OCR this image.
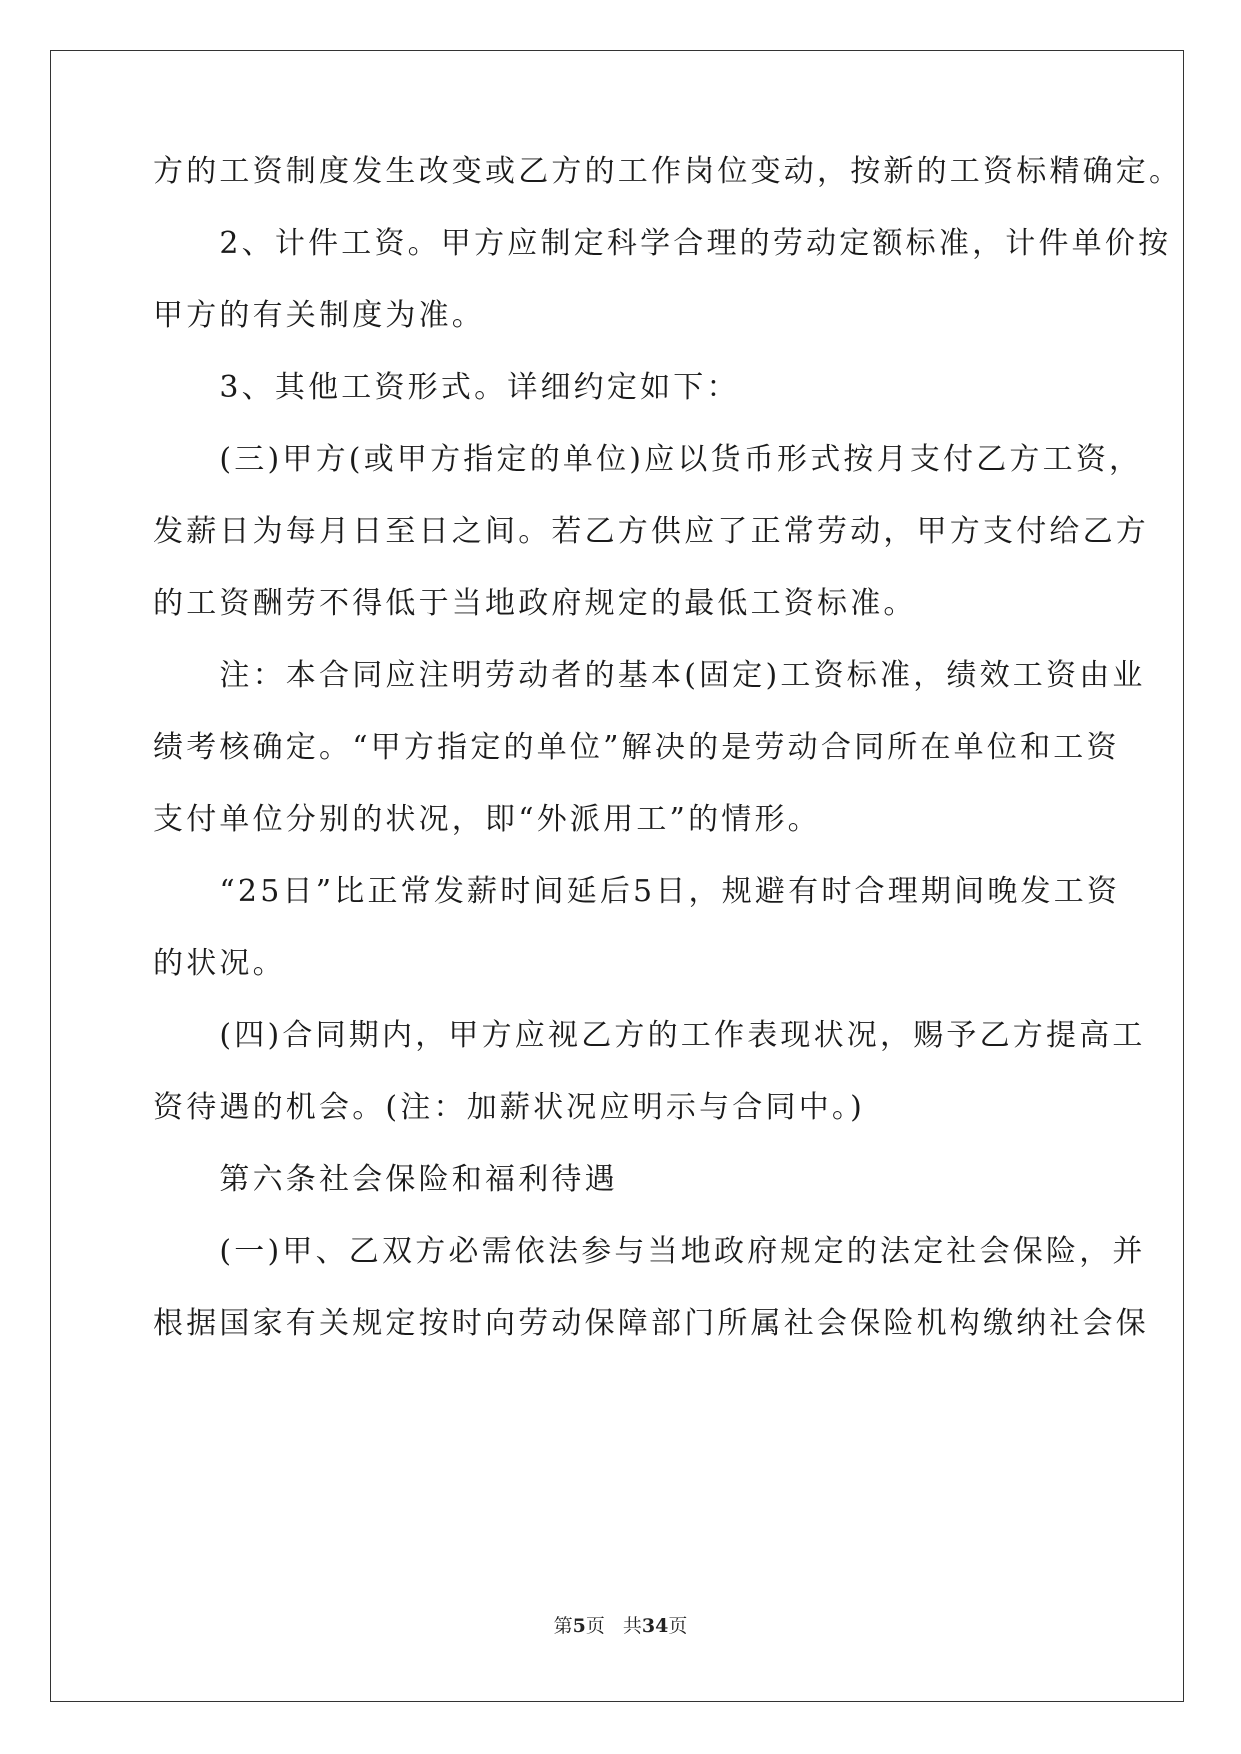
方的工资制度发生改变或乙方的工作岗位变动，按新的工资标精确定。
　　2、计件工资。甲方应制定科学合理的劳动定额标准，计件单价按
甲方的有关制度为准。
　　3、其他工资形式。详细约定如下：
　　(三)甲方(或甲方指定的单位)应以货币形式按月支付乙方工资，
发薪日为每月日至日之间。若乙方供应了正常劳动，甲方支付给乙方
的工资酬劳不得低于当地政府规定的最低工资标准。
　　注：本合同应注明劳动者的基本(固定)工资标准，绩效工资由业
绩考核确定。“甲方指定的单位”解决的是劳动合同所在单位和工资
支付单位分别的状况，即“外派用工”的情形。
　　“25日”比正常发薪时间延后5日，规避有时合理期间晚发工资
的状况。
　　(四)合同期内，甲方应视乙方的工作表现状况，赐予乙方提高工
资待遇的机会。(注：加薪状况应明示与合同中。)
　　第六条社会保险和福利待遇
　　(一)甲、乙双方必需依法参与当地政府规定的法定社会保险，并
根据国家有关规定按时向劳动保障部门所属社会保险机构缴纳社会保
第5页 共34页
